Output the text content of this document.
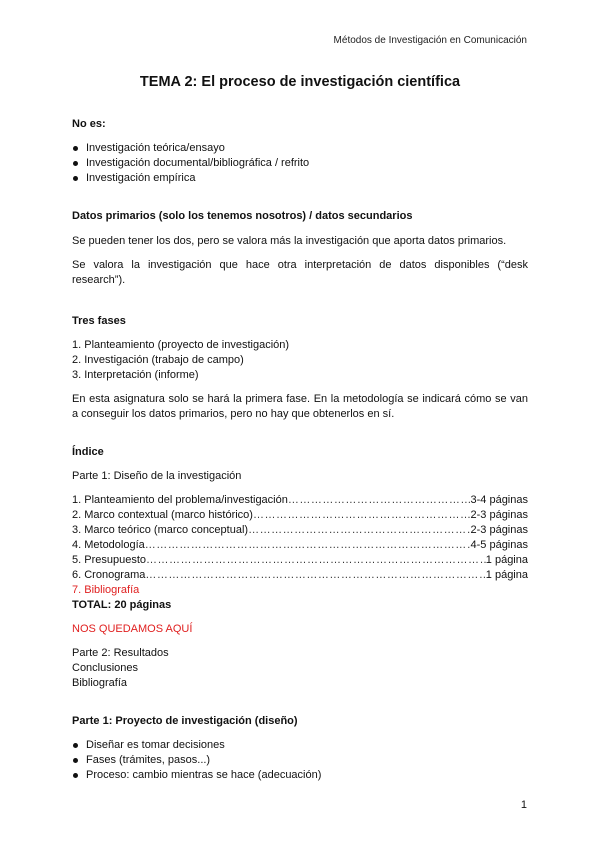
Métodos de Investigación en Comunicación
TEMA 2: El proceso de investigación científica
No es:
Investigación teórica/ensayo
Investigación documental/bibliográfica / refrito
Investigación empírica
Datos primarios (solo los tenemos nosotros) / datos secundarios

Se pueden tener los dos, pero se valora más la investigación que aporta datos primarios.

Se valora la investigación que hace otra interpretación de datos disponibles (“desk research”).

Tres fases
1. Planteamiento (proyecto de investigación)
2. Investigación (trabajo de campo)
3. Interpretación (informe)

En esta asignatura solo se hará la primera fase. En la metodología se indicará cómo se van a conseguir los datos primarios, pero no hay que obtenerlos en sí.

Índice
Parte 1: Diseño de la investigación
1. Planteamiento del problema/investigación ……………………………………………………………………………………………………………………………………………	3-4 páginas
2. Marco contextual (marco histórico) ……………………………………………………………………………………………………………………………………………	2-3 páginas
3. Marco teórico (marco conceptual) ……………………………………………………………………………………………………………………………………………	2-3 páginas
4. Metodología ……………………………………………………………………………………………………………………………………………	4-5 páginas
5. Presupuesto ……………………………………………………………………………………………………………………………………………	1 página
6. Cronograma ……………………………………………………………………………………………………………………………………………	1 página
7. Bibliografía
TOTAL: 20 páginas
NOS QUEDAMOS AQUÍ
Parte 2: Resultados
Conclusiones
Bibliografía
Parte 1: Proyecto de investigación (diseño)
Diseñar es tomar decisiones
Fases (trámites, pasos...)
Proceso: cambio mientras se hace (adecuación)
1
